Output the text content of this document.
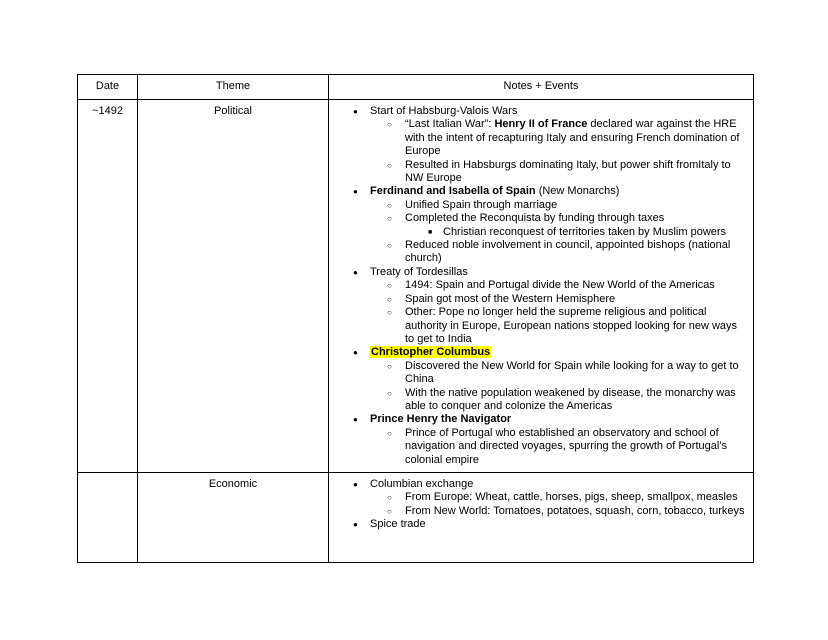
Date	Theme	Notes + Events
~1492	Political	●	Start of Habsburg-Valois Wars
○	“Last Italian War”: Henry II of France declared war against the HRE with the intent of recapturing Italy and ensuring French domination of Europe
○	Resulted in Habsburgs dominating Italy, but power shift fromItaly to NW Europe
●	Ferdinand and Isabella of Spain (New Monarchs)
○	Unified Spain through marriage
○	Completed the Reconquista by funding through taxes
■ Christian reconquest of territories taken by Muslim powers
○	Reduced noble involvement in council, appointed bishops (national church)
●	Treaty of Tordesillas
○	1494: Spain and Portugal divide the New World of the Americas
○	Spain got most of the Western Hemisphere
○	Other: Pope no longer held the supreme religious and political authority in Europe, European nations stopped looking for new ways to get to India
●	Christopher Columbus
○	Discovered the New World for Spain while looking for a way to get to China
○	With the native population weakened by disease, the monarchy was able to conquer and colonize the Americas
●	Prince Henry the Navigator
○	Prince of Portugal who established an observatory and school of navigation and directed voyages, spurring the growth of Portugal’s colonial empire

	Economic	●	Columbian exchange
○	From Europe: Wheat, cattle, horses, pigs, sheep, smallpox, measles
○	From New World: Tomatoes, potatoes, squash, corn, tobacco, turkeys
●	Spice trade
